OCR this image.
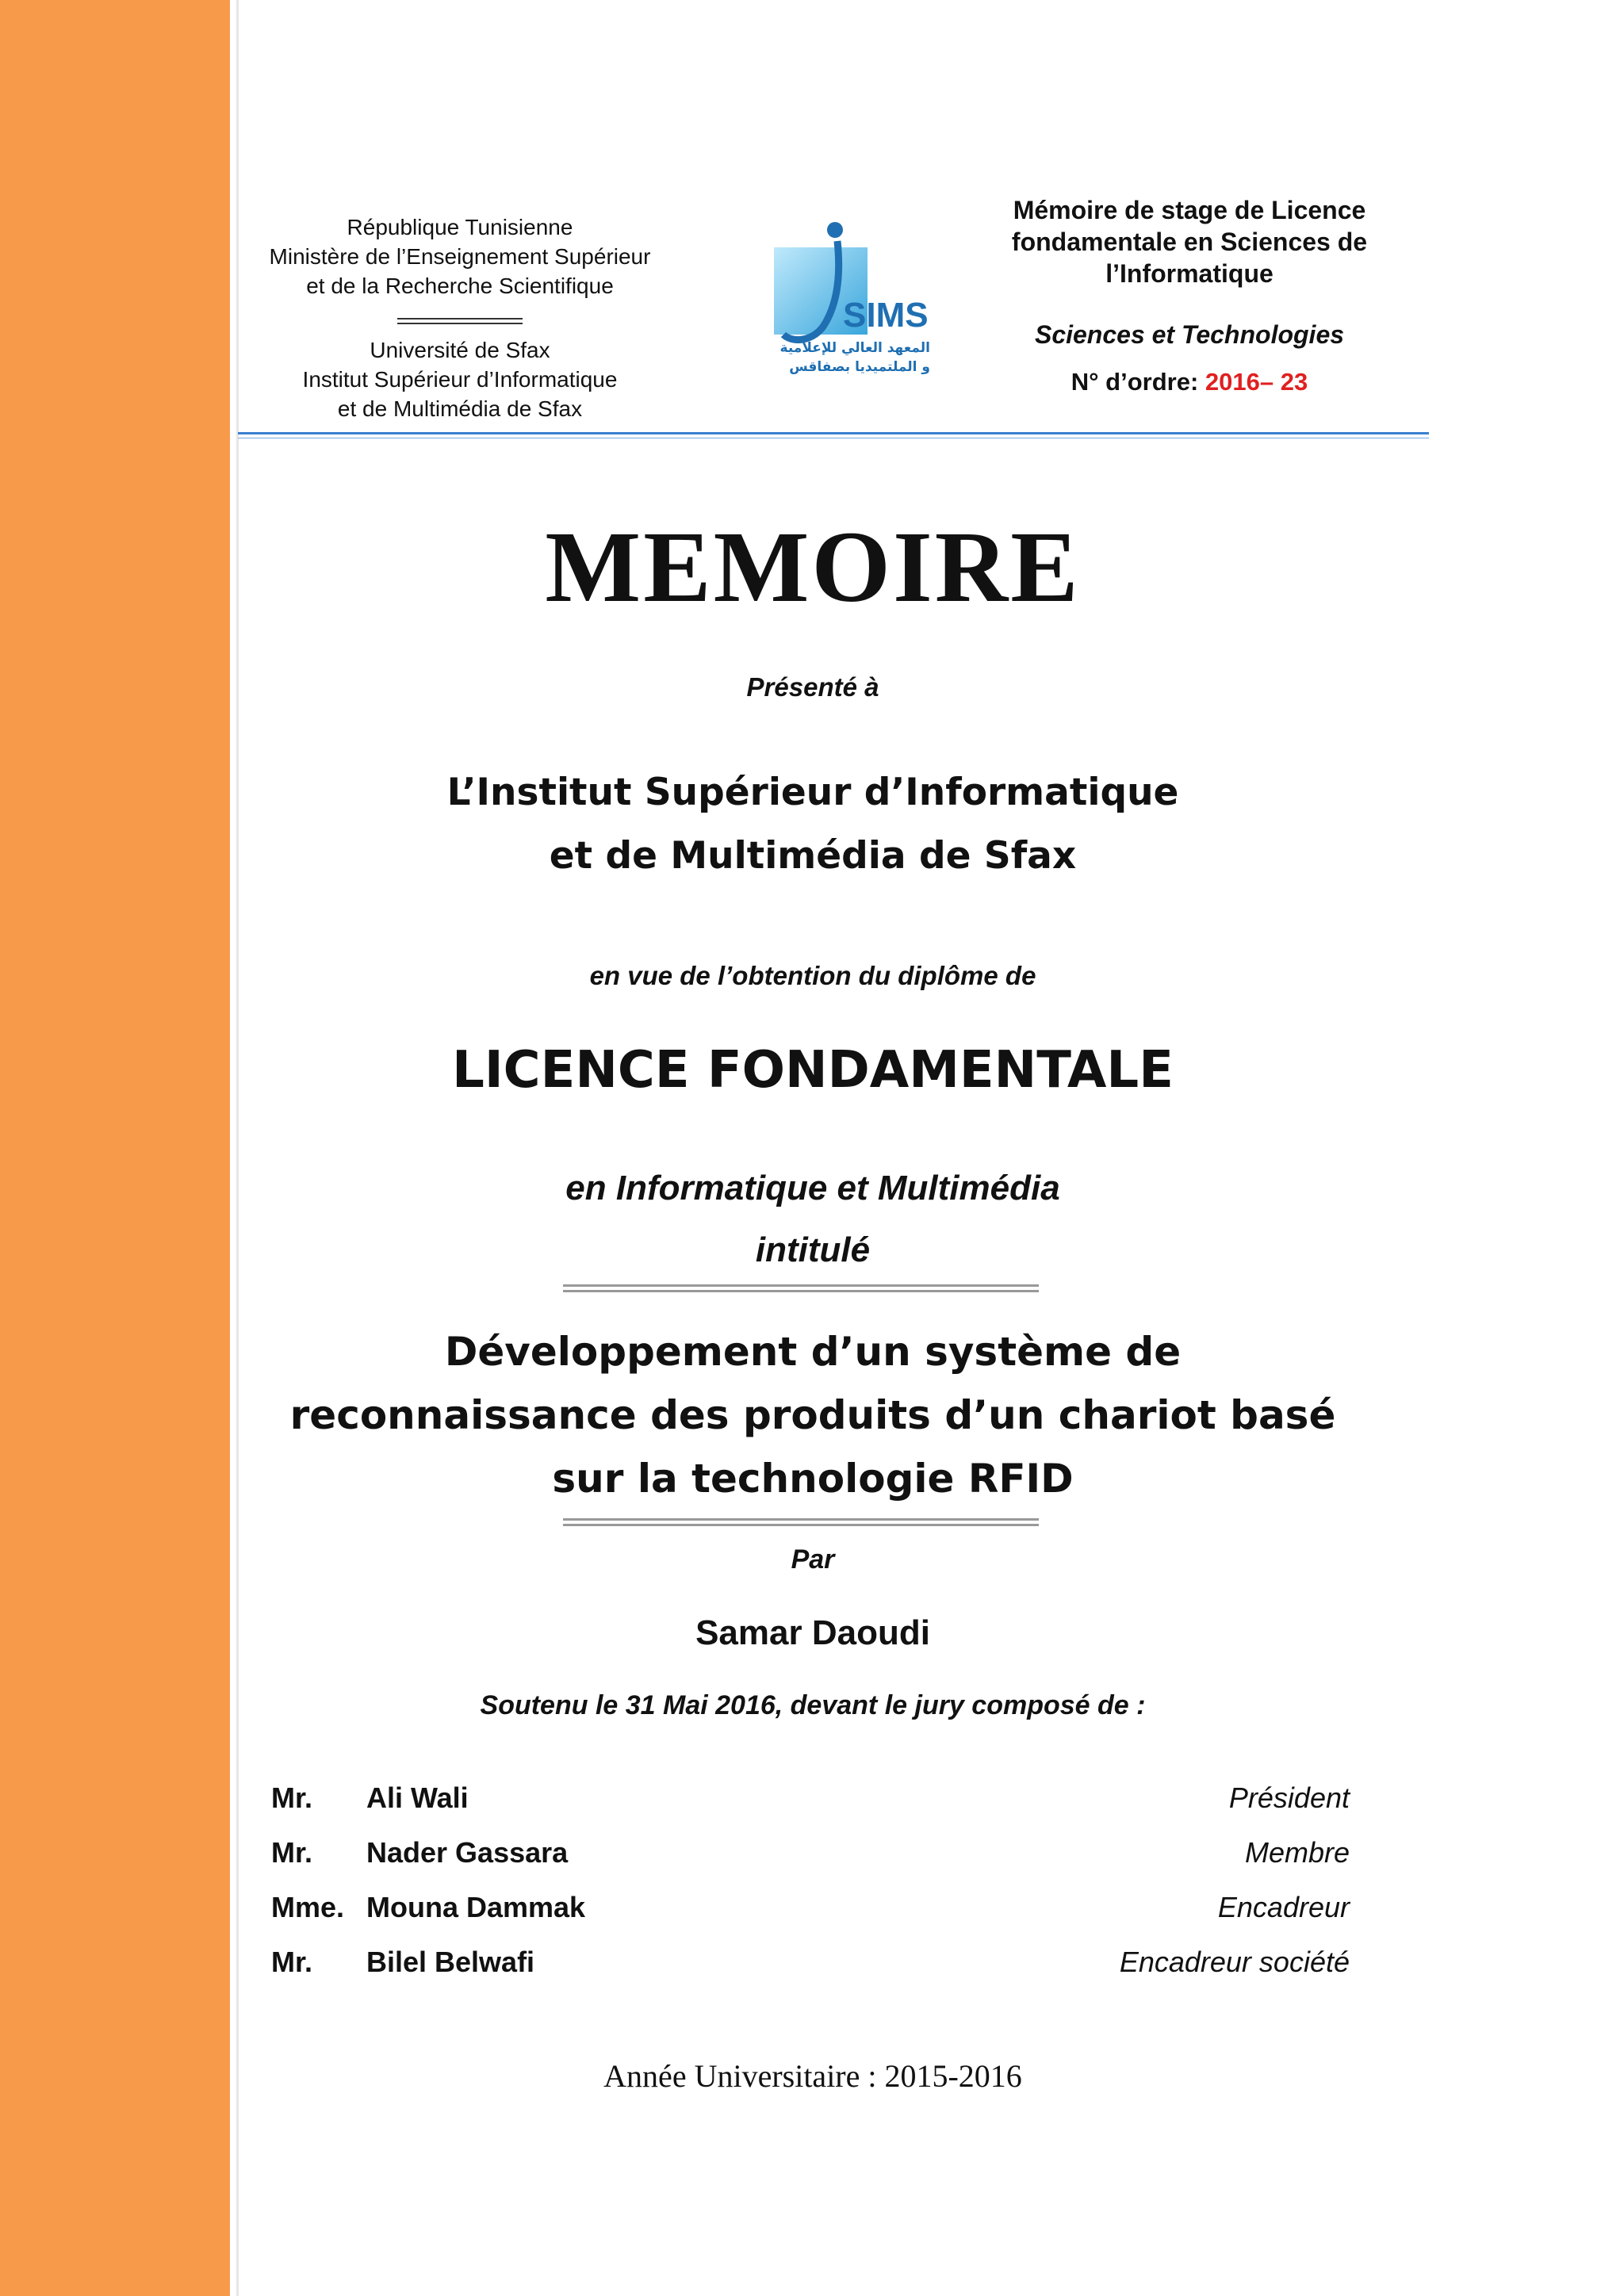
République Tunisienne
Ministère de l’Enseignement Supérieur
et de la Recherche Scientifique
Université de Sfax
Institut Supérieur d’Informatique
et de Multimédia de Sfax
SIMS
المعهد العالي للإعلامية
و الملتميديا بصفاقس
Mémoire de stage de Licence
fondamentale en Sciences de
l’Informatique
Sciences et Technologies
N° d’ordre: 2016– 23
MEMOIRE
Présenté à
L’Institut Supérieur d’Informatique
et de Multimédia de Sfax
en vue de l’obtention du diplôme de
LICENCE FONDAMENTALE
en Informatique et Multimédia
intitulé
Développement d’un système de
reconnaissance des produits d’un chariot basé
sur la technologie RFID
Par
Samar Daoudi
Soutenu le 31 Mai 2016, devant le jury composé de :
Mr. Ali Wali	Président
Mr. Nader Gassara	Membre
Mme. Mouna Dammak	Encadreur
Mr. Bilel Belwafi	Encadreur société
Année Universitaire : 2015-2016
